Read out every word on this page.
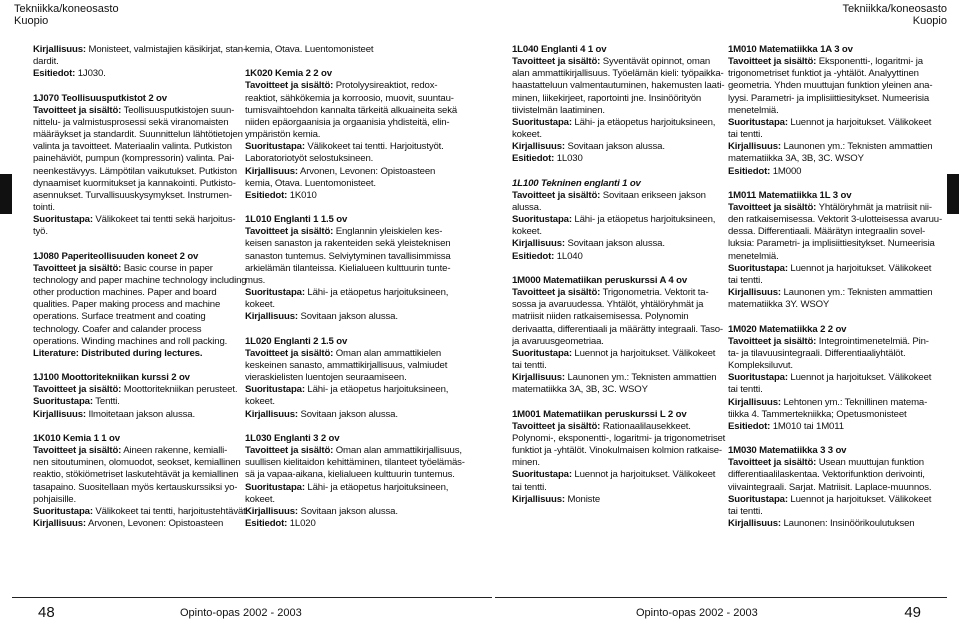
Tekniikka/koneosasto
Kuopio
Tekniikka/koneosasto
Kuopio

Kirjallisuus: Monisteet, valmistajien käsikirjat, stan-

dardit.

Esitiedot: 1J030.

1J070 Teollisuusputkistot 2 ov

Tavoitteet ja sisältö: Teollisuusputkistojen suun-

nittelu- ja valmistusprosessi sekä viranomaisten

määräykset ja standardit. Suunnittelun lähtötietojen

valinta ja tavoitteet. Materiaalin valinta. Putkiston

painehäviöt, pumpun (kompressorin) valinta. Pai-

neenkestävyys. Lämpötilan vaikutukset. Putkiston

dynaamiset kuormitukset ja kannakointi. Putkisto-

asennukset. Turvallisuuskysymykset. Instrumen-

tointi.

Suoritustapa: Välikokeet tai tentti sekä harjoitus-

työ.

1J080 Paperiteollisuuden koneet 2 ov

Tavoitteet ja sisältö: Basic course in paper

technology and paper machine technology including

other production machines. Paper and board

qualities. Paper making process and machine

operations. Surface treatment and coating

technology. Coafer and calander process

operations. Winding machines and roll packing.

Literature: Distributed during lectures.

1J100 Moottoritekniikan kurssi 2 ov

Tavoitteet ja sisältö: Moottoritekniikan perusteet.

Suoritustapa: Tentti.

Kirjallisuus: Ilmoitetaan jakson alussa.

1K010 Kemia 1 1 ov

Tavoitteet ja sisältö: Aineen rakenne, kemialli-

nen sitoutuminen, olomuodot, seokset, kemiallinen

reaktio, stökiömetriset laskutehtävät ja kemiallinen

tasapaino. Suositellaan myös kertauskurssiksi yo-

pohjaisille.

Suoritustapa: Välikokeet tai tentti, harjoitustehtävät.

Kirjallisuus: Arvonen, Levonen: Opistoasteen

kemia, Otava. Luentomonisteet

1K020 Kemia 2 2 ov

Tavoitteet ja sisältö: Protolyysireaktiot, redox-

reaktiot, sähkökemia ja korroosio, muovit, suuntau-

tumisvaihtoehdon kannalta tärkeitä alkuaineita sekä

niiden epäorgaanisia ja orgaanisia yhdisteitä, elin-

ympäristön kemia.

Suoritustapa: Välikokeet tai tentti. Harjoitustyöt.

Laboratoriotyöt selostuksineen.

Kirjallisuus: Arvonen, Levonen: Opistoasteen

kemia, Otava. Luentomonisteet.

Esitiedot: 1K010

1L010 Englanti 1 1.5 ov

Tavoitteet ja sisältö: Englannin yleiskielen kes-

keisen sanaston ja rakenteiden sekä yleisteknisen

sanaston tuntemus. Selviytyminen tavallisimmissa

arkielämän tilanteissa. Kielialueen kulttuurin tunte-

mus.

Suoritustapa: Lähi- ja etäopetus harjoituksineen,

kokeet.

Kirjallisuus: Sovitaan jakson alussa.

1L020 Englanti 2 1.5 ov

Tavoitteet ja sisältö: Oman alan ammattikielen

keskeinen sanasto, ammattikirjallisuus, valmiudet

vieraskielisten luentojen seuraamiseen.

Suoritustapa: Lähi- ja etäopetus harjoituksineen,

kokeet.

Kirjallisuus: Sovitaan jakson alussa.

1L030 Englanti 3 2 ov

Tavoitteet ja sisältö: Oman alan ammattikirjallisuus,

suullisen kielitaidon kehittäminen, tilanteet työelämäs-

sä ja vapaa-aikana, kielialueen kulttuurin tuntemus.

Suoritustapa: Lähi- ja etäopetus harjoituksineen,

kokeet.

Kirjallisuus: Sovitaan jakson alussa.

Esitiedot: 1L020

1L040 Englanti 4 1 ov

Tavoitteet ja sisältö: Syventävät opinnot, oman

alan ammattikirjallisuus. Työelämän kieli: työpaikka-

haastatteluun valmentautuminen, hakemusten laati-

minen, liikekirjeet, raportointi jne. Insinöörityön

tiivistelmän laatiminen.

Suoritustapa: Lähi- ja etäopetus harjoituksineen,

kokeet.

Kirjallisuus: Sovitaan jakson alussa.

Esitiedot: 1L030

1L100 Tekninen englanti 1 ov

Tavoitteet ja sisältö: Sovitaan erikseen jakson

alussa.

Suoritustapa: Lähi- ja etäopetus harjoituksineen,

kokeet.

Kirjallisuus: Sovitaan jakson alussa.

Esitiedot: 1L040

1M000 Matematiikan peruskurssi A 4 ov

Tavoitteet ja sisältö: Trigonometria. Vektorit ta-

sossa ja avaruudessa. Yhtälöt, yhtälöryhmät ja

matriisit niiden ratkaisemisessa. Polynomin

derivaatta, differentiaali ja määrätty integraali. Taso-

ja avaruusgeometriaa.

Suoritustapa: Luennot ja harjoitukset. Välikokeet

tai tentti.

Kirjallisuus: Launonen ym.: Teknisten ammattien

matematiikka 3A, 3B, 3C. WSOY

1M001 Matematiikan peruskurssi L 2 ov

Tavoitteet ja sisältö: Rationaalilausekkeet.

Polynomi-, eksponentti-, logaritmi- ja trigonometriset

funktiot ja -yhtälöt. Vinokulmaisen kolmion ratkaise-

minen.

Suoritustapa: Luennot ja harjoitukset. Välikokeet

tai tentti.

Kirjallisuus: Moniste

1M010 Matematiikka 1A 3 ov

Tavoitteet ja sisältö: Eksponentti-, logaritmi- ja

trigonometriset funktiot ja -yhtälöt. Analyyttinen

geometria. Yhden muuttujan funktion yleinen ana-

lyysi. Parametri- ja implisiittiesitykset. Numeerisia

menetelmiä.

Suoritustapa: Luennot ja harjoitukset. Välikokeet

tai tentti.

Kirjallisuus: Launonen ym.: Teknisten ammattien

matematiikka 3A, 3B, 3C. WSOY

Esitiedot: 1M000

1M011 Matematiikka 1L 3 ov

Tavoitteet ja sisältö: Yhtälöryhmät ja matriisit nii-

den ratkaisemisessa. Vektorit 3-ulotteisessa avaruu-

dessa. Differentiaali. Määrätyn integraalin sovel-

luksia: Parametri- ja implisiittiesitykset. Numeerisia

menetelmiä.

Suoritustapa: Luennot ja harjoitukset. Välikokeet

tai tentti.

Kirjallisuus: Launonen ym.: Teknisten ammattien

matematiikka 3Y. WSOY

1M020 Matematiikka 2 2 ov

Tavoitteet ja sisältö: Integrointimenetelmiä. Pin-

ta- ja tilavuusintegraali. Differentiaaliyhtälöt.

Kompleksiluvut.

Suoritustapa: Luennot ja harjoitukset. Välikokeet

tai tentti.

Kirjallisuus: Lehtonen ym.: Teknillinen matema-

tiikka 4. Tammertekniikka; Opetusmonisteet

Esitiedot: 1M010 tai 1M011

1M030 Matematiikka 3 3 ov

Tavoitteet ja sisältö: Usean muuttujan funktion

differentiaalilaskentaa. Vektorifunktion derivointi,

viivaintegraali. Sarjat. Matriisit. Laplace-muunnos.

Suoritustapa: Luennot ja harjoitukset. Välikokeet

tai tentti.

Kirjallisuus: Launonen: Insinöörikoulutuksen

48	Opinto-opas 2002 - 2003	Opinto-opas 2002 - 2003	49
